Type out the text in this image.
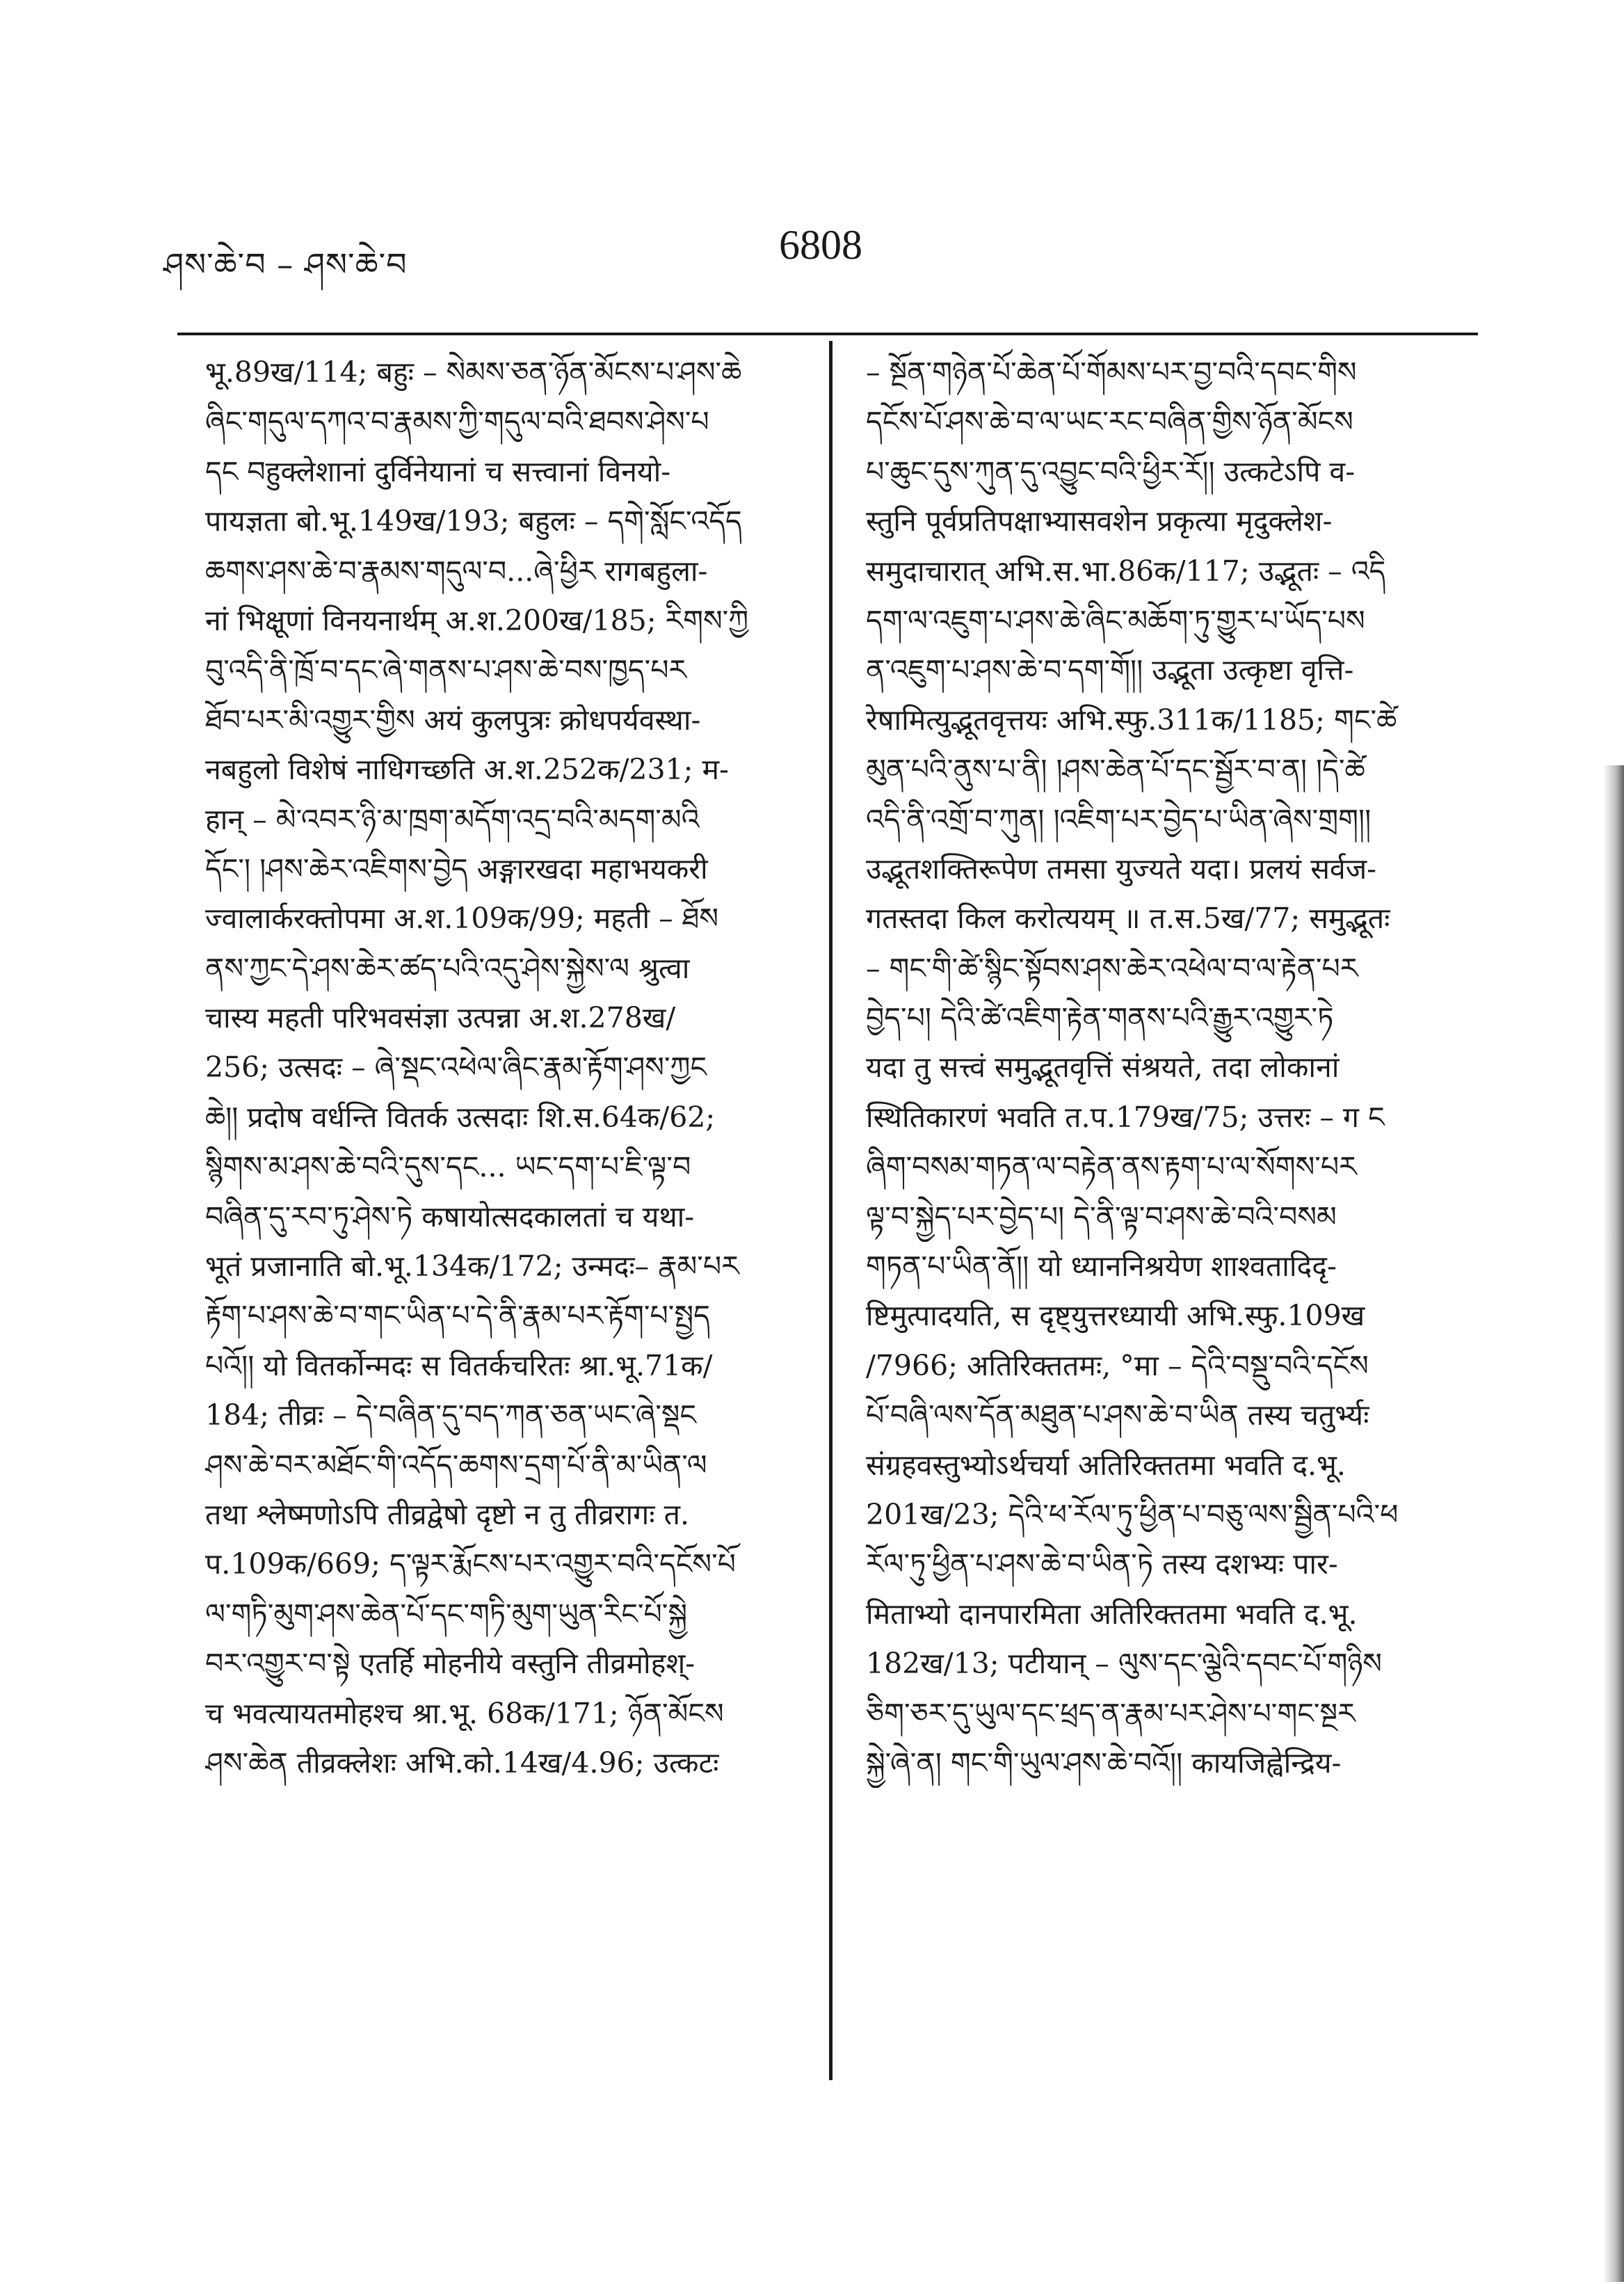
ཤས་ཆེ་བ – ཤས་ཆེ་བ	6808
भू.89ख/114; बहुः – སེམས་ཅན་ཉོན་མོངས་པ་ཤས་ཆེ
ཞིང་གདུལ་དཀའ་བ་རྣམས་ཀྱི་གདུལ་བའི་ཐབས་ཤེས་པ
དང བहुक्लेशानां दुर्विनेयानां च सत्त्वानां विनयो-
पायज्ञता बो.भू.149ख/193; बहुलः – དགེ་སློང་འདོད
ཆགས་ཤས་ཆེ་བ་རྣམས་གདུལ་བ...ཞེ་ཕྱིར रागबहुला-
नां भिक्षूणां विनयनार्थम् अ.श.200ख/185; རིགས་ཀྱི
བུ་འདི་ནི་ཁྲོ་བ་དང་ཞེ་གནས་པ་ཤས་ཆེ་བས་ཁྱད་པར
ཐོབ་པར་མི་འགྱུར་གྱིས अयं कुलपुत्रः क्रोधपर्यवस्था-
नबहुलो विशेषं नाधिगच्छति अ.श.252क/231; म-
हान् – མེ་འབར་ཉི་མ་ཁྲག་མདོག་འདྲ་བའི་མདག་མའི
དོང་། །ཤས་ཆེར་འཇིགས་བྱེད अङ्गारखदा महाभयकरी
ज्वालार्करक्तोपमा अ.श.109क/99; महती – ཐོས
ནས་ཀྱང་དེ་ཤས་ཆེར་ཚད་པའི་འདུ་ཤེས་སྐྱེས་ལ श्रुत्वा
चास्य महती परिभवसंज्ञा उत्पन्ना अ.श.278ख/
256; उत्सदः – ཞེ་སྡང་འཕེལ་ཞིང་རྣམ་རྟོག་ཤས་ཀྱང
ཆེ།། प्रदोष वर्धन्ति वितर्क उत्सदाः शि.स.64क/62;
སྙིགས་མ་ཤས་ཆེ་བའི་དུས་དང... ཡང་དག་པ་ཇི་ལྟ་བ
བཞིན་དུ་རབ་ཏུ་ཤེས་ཏེ कषायोत्सदकालतां च यथा-
भूतं प्रजानाति बो.भू.134क/172; उन्मदः– རྣམ་པར
རྟོག་པ་ཤས་ཆེ་བ་གང་ཡིན་པ་དེ་ནི་རྣམ་པར་རྟོག་པ་སྤྱད
པའོ།། यो वितर्कोन्मदः स वितर्कचरितः श्रा.भू.71क/
184; तीव्रः – དེ་བཞིན་དུ་བད་ཀན་ཅན་ཡང་ཞེ་སྡང
ཤས་ཆེ་བར་མཐོང་གི་འདོད་ཆགས་དྲག་པོ་ནི་མ་ཡིན་ལ
तथा श्लेष्मणोऽपि तीव्रद्वेषो दृष्टो न तु तीव्ररागः त.
प.109क/669; ད་ལྟར་རྨོངས་པར་འགྱུར་བའི་དངོས་པོ
ལ་གཏི་མུག་ཤས་ཆེན་པོ་དང་གཏི་མུག་ཡུན་རིང་པོ་སྐྱེ
བར་འགྱུར་བ་སྟེ एतर्हि मोहनीये वस्तुनि तीव्रमोहश्-
च भवत्यायतमोहश्च श्रा.भू. 68क/171; ཉོན་མོངས
ཤས་ཆེན तीव्रक्लेशः अभि.को.14ख/4.96; उत्कटः
– སྔོན་གཉེན་པོ་ཆེན་པོ་གོམས་པར་བྱ་བའི་དབང་གིས
དངོས་པོ་ཤས་ཆེ་བ་ལ་ཡང་རང་བཞིན་གྱིས་ཉོན་མོངས
པ་ཆུང་དུས་ཀུན་དུ་འབྱུང་བའི་ཕྱིར་རོ།། उत्कटेऽपि व-
स्तुनि पूर्वप्रतिपक्षाभ्यासवशेन प्रकृत्या मृदुक्लेश-
समुदाचारात् अभि.स.भा.86क/117; उद्भूतः – འདི
དག་ལ་འཇུག་པ་ཤས་ཆེ་ཞིང་མཆོག་ཏུ་གྱུར་པ་ཡོད་པས
ན་འཇུག་པ་ཤས་ཆེ་བ་དག་གོ།། उद्भूता उत्कृष्टा वृत्ति-
रेषामित्युद्भूतवृत्तयः अभि.स्फु.311क/1185; གང་ཚེ
མུན་པའི་ནུས་པ་ནི། །ཤས་ཆེན་པོ་དང་སྦྱོར་བ་ན། །དེ་ཚེ
འདི་ནི་འགྲོ་བ་ཀུན། །འཇིག་པར་བྱེད་པ་ཡིན་ཞེས་གྲག།།
उद्भूतशक्तिरूपेण तमसा युज्यते यदा। प्रलयं सर्वज-
गतस्तदा किल करोत्ययम् ॥ त.स.5ख/77; समुद्भूतः
– གང་གི་ཚེ་སྙིང་སྟོབས་ཤས་ཆེར་འཕེལ་བ་ལ་རྟེན་པར
བྱེད་པ། དེའི་ཚེ་འཇིག་རྟེན་གནས་པའི་རྒྱུར་འགྱུར་ཏེ
यदा तु सत्त्वं समुद्भूतवृत्तिं संश्रयते, तदा लोकानां
स्थितिकारणं भवति त.प.179ख/75; उत्तरः – ग ང
ཞིག་བསམ་གཏན་ལ་བརྟེན་ནས་རྟག་པ་ལ་སོགས་པར
ལྟ་བ་སྐྱེད་པར་བྱེད་པ། དེ་ནི་ལྟ་བ་ཤས་ཆེ་བའི་བསམ
གཏན་པ་ཡིན་ནོ།། यो ध्याननिश्रयेण शाश्वतादिदृ-
ष्टिमुत्पादयति, स दृष्ट्युत्तरध्यायी अभि.स्फु.109ख
/7966; अतिरिक्ततमः, °मा – དེའི་བསྡུ་བའི་དངོས
པོ་བཞི་ལས་དོན་མཐུན་པ་ཤས་ཆེ་བ་ཡིན तस्य चतुर्भ्यः
संग्रहवस्तुभ्योऽर्थचर्या अतिरिक्ततमा भवति द.भू.
201ख/23; དེའི་ཕ་རོལ་ཏུ་ཕྱིན་པ་བཅུ་ལས་སྦྱིན་པའི་ཕ
རོལ་ཏུ་ཕྱིན་པ་ཤས་ཆེ་བ་ཡིན་ཏེ तस्य दशभ्यः पार-
मिताभ्यो दानपारमिता अतिरिक्ततमा भवति द.भू.
182ख/13; पटीयान् – ལུས་དང་ལྕེའི་དབང་པོ་གཉིས
ཅིག་ཅར་དུ་ཡུལ་དང་ཕྲད་ན་རྣམ་པར་ཤེས་པ་གང་སྔར
སྐྱེ་ཞེ་ན། གང་གི་ཡུལ་ཤས་ཆེ་བའོ།། कायजिह्वेन्द्रिय-
